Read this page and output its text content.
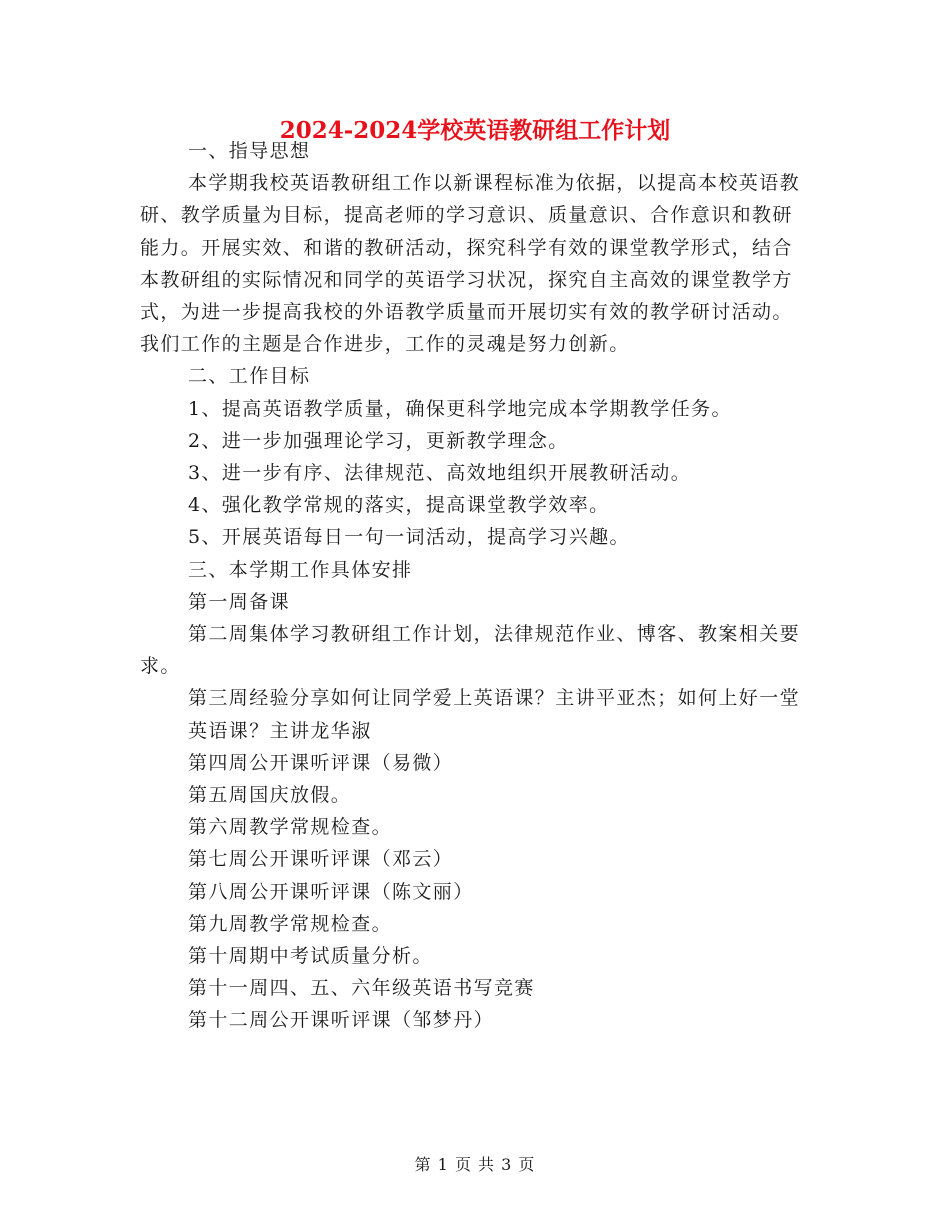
2024-2024学校英语教研组工作计划

一、指导思想

本学期我校英语教研组工作以新课程标准为依据，以提高本校英语教研、教学质量为目标，提高老师的学习意识、质量意识、合作意识和教研能力。开展实效、和谐的教研活动，探究科学有效的课堂教学形式，结合本教研组的实际情况和同学的英语学习状况，探究自主高效的课堂教学方式，为进一步提高我校的外语教学质量而开展切实有效的教学研讨活动。我们工作的主题是合作进步，工作的灵魂是努力创新。

二、工作目标

1、提高英语教学质量，确保更科学地完成本学期教学任务。

2、进一步加强理论学习，更新教学理念。

3、进一步有序、法律规范、高效地组织开展教研活动。

4、强化教学常规的落实，提高课堂教学效率。

5、开展英语每日一句一词活动，提高学习兴趣。

三、本学期工作具体安排

第一周备课

第二周集体学习教研组工作计划，法律规范作业、博客、教案相关要求。

第三周经验分享如何让同学爱上英语课？主讲平亚杰；如何上好一堂

英语课？主讲龙华淑

第四周公开课听评课（易微）

第五周国庆放假。

第六周教学常规检查。

第七周公开课听评课（邓云）

第八周公开课听评课（陈文丽）

第九周教学常规检查。

第十周期中考试质量分析。

第十一周四、五、六年级英语书写竞赛

第十二周公开课听评课（邹梦丹）

第 1 页 共 3 页
